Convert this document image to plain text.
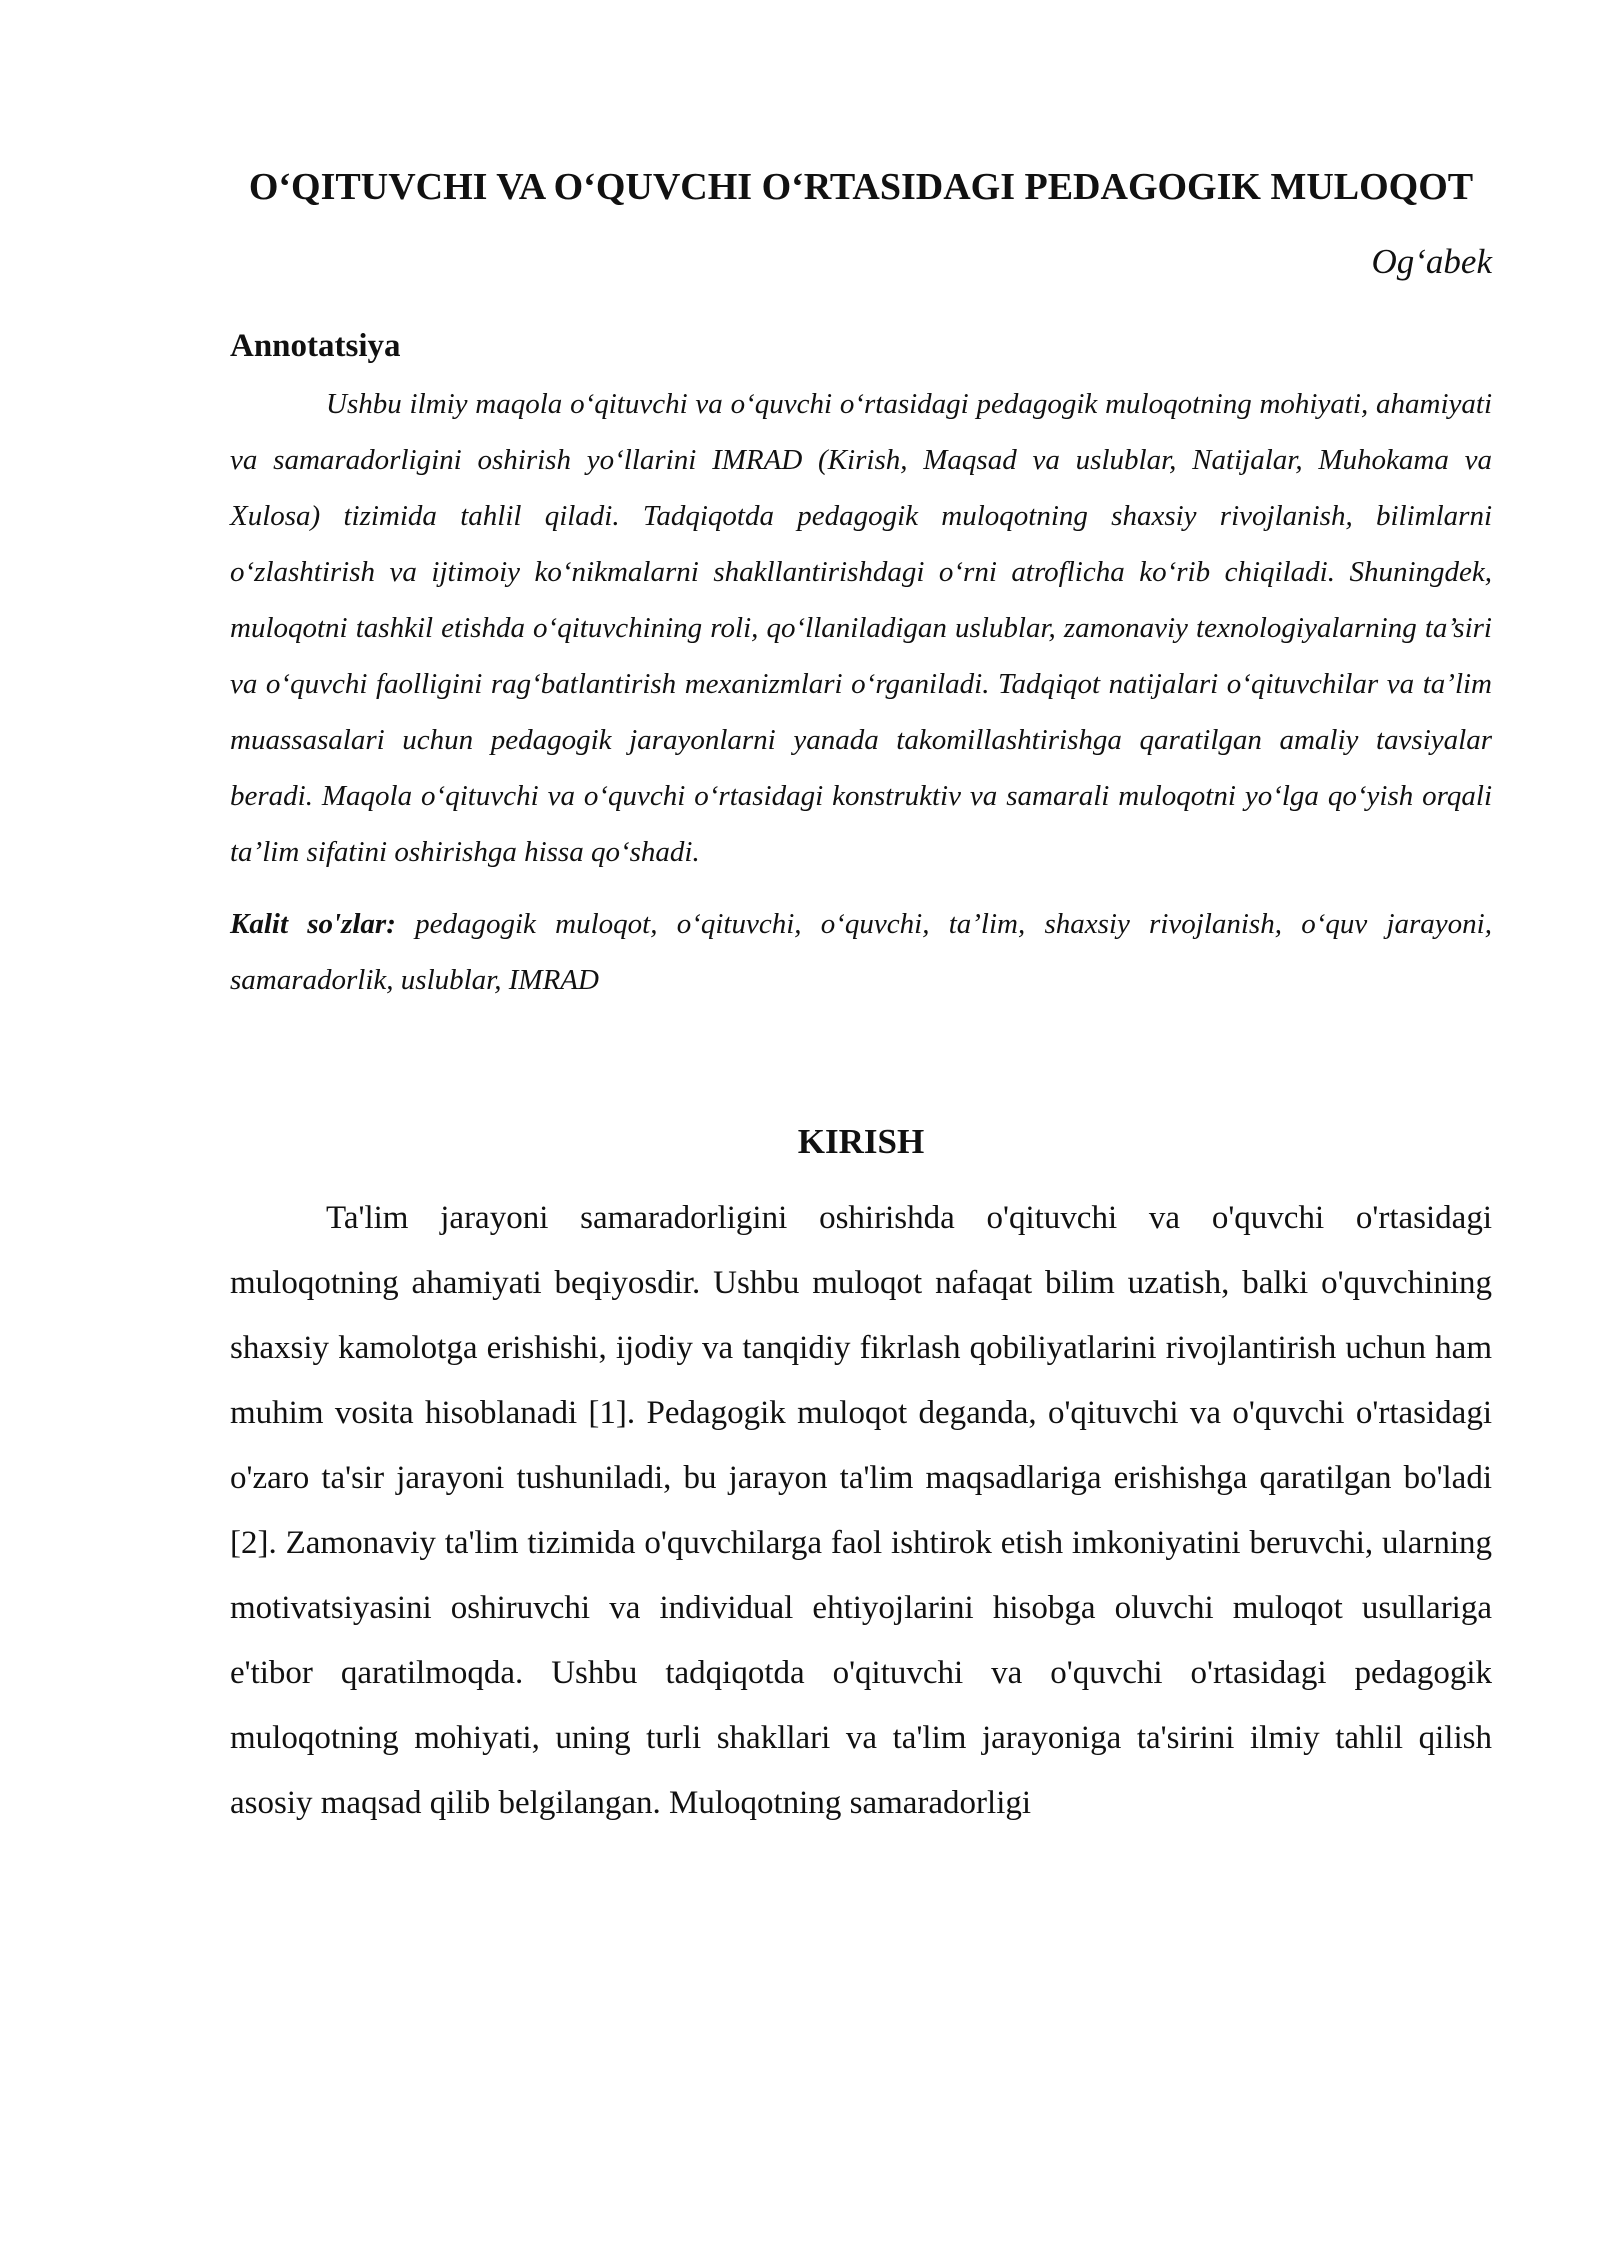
O‘QITUVCHI VA O‘QUVCHI O‘RTASIDAGI PEDAGOGIK MULOQOT

Og‘abek

Annotatsiya

Ushbu ilmiy maqola o‘qituvchi va o‘quvchi o‘rtasidagi pedagogik muloqotning mohiyati, ahamiyati va samaradorligini oshirish yo‘llarini IMRAD (Kirish, Maqsad va uslublar, Natijalar, Muhokama va Xulosa) tizimida tahlil qiladi. Tadqiqotda pedagogik muloqotning shaxsiy rivojlanish, bilimlarni o‘zlashtirish va ijtimoiy ko‘nikmalarni shakllantirishdagi o‘rni atroflicha ko‘rib chiqiladi. Shuningdek, muloqotni tashkil etishda o‘qituvchining roli, qo‘llaniladigan uslublar, zamonaviy texnologiyalarning ta’siri va o‘quvchi faolligini rag‘batlantirish mexanizmlari o‘rganiladi. Tadqiqot natijalari o‘qituvchilar va ta’lim muassasalari uchun pedagogik jarayonlarni yanada takomillashtirishga qaratilgan amaliy tavsiyalar beradi. Maqola o‘qituvchi va o‘quvchi o‘rtasidagi konstruktiv va samarali muloqotni yo‘lga qo‘yish orqali ta’lim sifatini oshirishga hissa qo‘shadi.

Kalit so'zlar: pedagogik muloqot, o‘qituvchi, o‘quvchi, ta’lim, shaxsiy rivojlanish, o‘quv jarayoni, samaradorlik, uslublar, IMRAD

KIRISH

Ta'lim jarayoni samaradorligini oshirishda o'qituvchi va o'quvchi o'rtasidagi muloqotning ahamiyati beqiyosdir. Ushbu muloqot nafaqat bilim uzatish, balki o'quvchining shaxsiy kamolotga erishishi, ijodiy va tanqidiy fikrlash qobiliyatlarini rivojlantirish uchun ham muhim vosita hisoblanadi [1]. Pedagogik muloqot deganda, o'qituvchi va o'quvchi o'rtasidagi o'zaro ta'sir jarayoni tushuniladi, bu jarayon ta'lim maqsadlariga erishishga qaratilgan bo'ladi [2]. Zamonaviy ta'lim tizimida o'quvchilarga faol ishtirok etish imkoniyatini beruvchi, ularning motivatsiyasini oshiruvchi va individual ehtiyojlarini hisobga oluvchi muloqot usullariga e'tibor qaratilmoqda. Ushbu tadqiqotda o'qituvchi va o'quvchi o'rtasidagi pedagogik muloqotning mohiyati, uning turli shakllari va ta'lim jarayoniga ta'sirini ilmiy tahlil qilish asosiy maqsad qilib belgilangan. Muloqotning samaradorligi
